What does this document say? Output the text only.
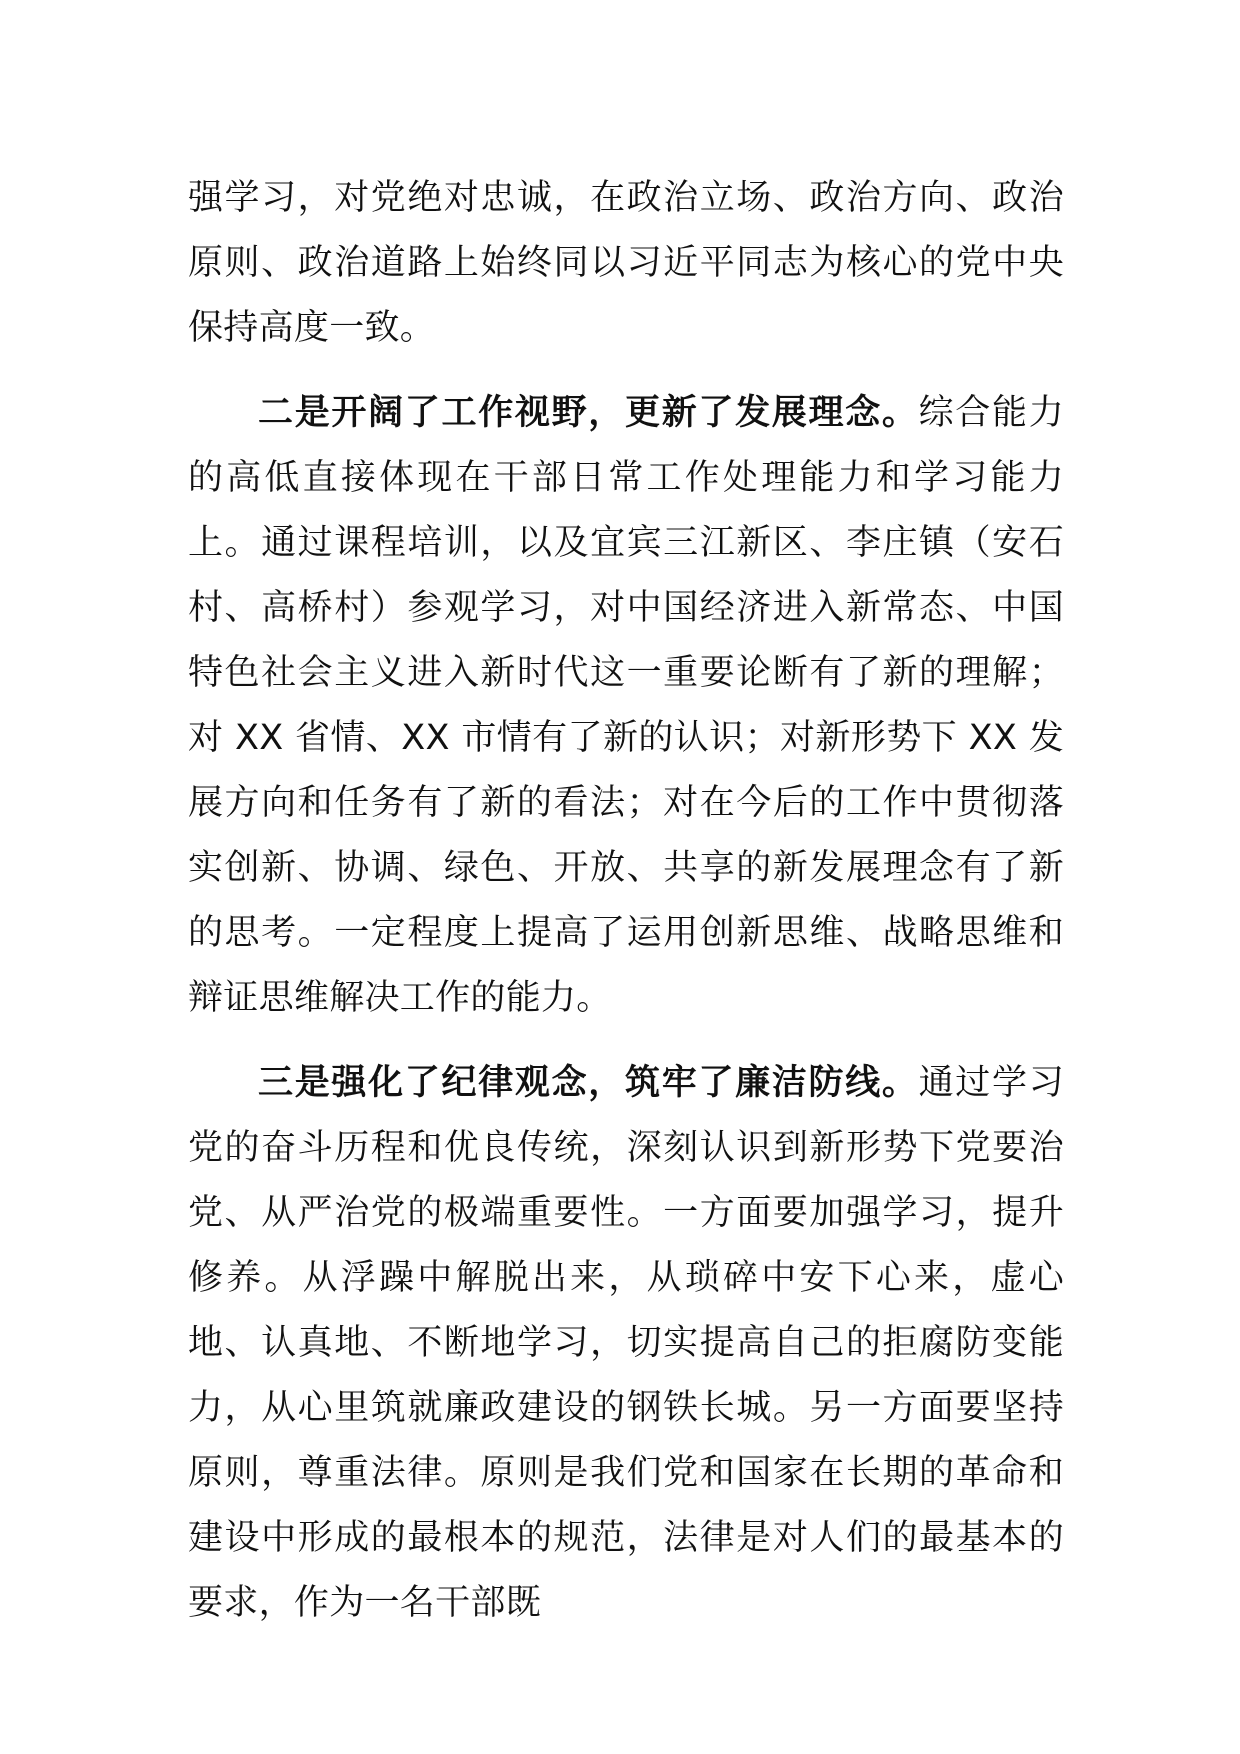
强学习，对党绝对忠诚，在政治立场、政治方向、政治原则、政治道路上始终同以习近平同志为核心的党中央保持高度一致。

二是开阔了工作视野，更新了发展理念。综合能力的高低直接体现在干部日常工作处理能力和学习能力上。通过课程培训，以及宜宾三江新区、李庄镇（安石村、高桥村）参观学习，对中国经济进入新常态、中国特色社会主义进入新时代这一重要论断有了新的理解；对 XX 省情、XX 市情有了新的认识；对新形势下 XX 发展方向和任务有了新的看法；对在今后的工作中贯彻落实创新、协调、绿色、开放、共享的新发展理念有了新的思考。一定程度上提高了运用创新思维、战略思维和辩证思维解决工作的能力。

三是强化了纪律观念，筑牢了廉洁防线。通过学习党的奋斗历程和优良传统，深刻认识到新形势下党要治党、从严治党的极端重要性。一方面要加强学习，提升修养。从浮躁中解脱出来，从琐碎中安下心来，虚心地、认真地、不断地学习，切实提高自己的拒腐防变能力，从心里筑就廉政建设的钢铁长城。另一方面要坚持原则，尊重法律。原则是我们党和国家在长期的革命和建设中形成的最根本的规范，法律是对人们的最基本的要求，作为一名干部既
